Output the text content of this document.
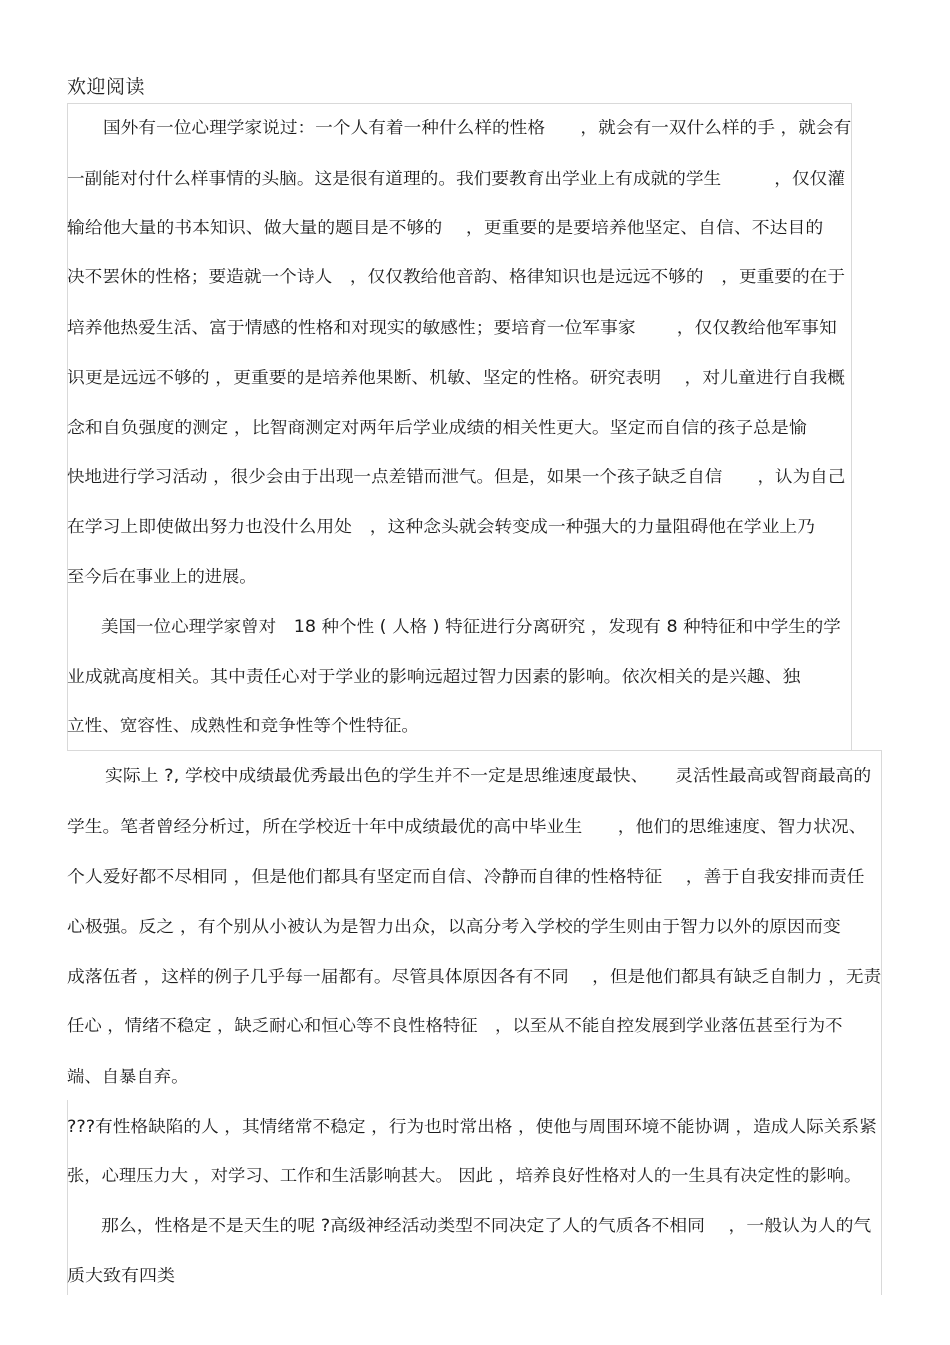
欢迎阅读
国外有一位心理学家说过：一个人有着一种什么样的性格　　，就会有一双什么样的手 ，就会有
一副能对付什么样事情的头脑。这是很有道理的。我们要教育出学业上有成就的学生　　　，仅仅灌
输给他大量的书本知识、做大量的题目是不够的　 ，更重要的是要培养他坚定、自信、不达目的
决不罢休的性格；要造就一个诗人　，仅仅教给他音韵、格律知识也是远远不够的　，更重要的在于
培养他热爱生活、富于情感的性格和对现实的敏感性；要培育一位军事家　　 ，仅仅教给他军事知
识更是远远不够的 ，更重要的是培养他果断、机敏、坚定的性格。研究表明　 ，对儿童进行自我概
念和自负强度的测定 ，比智商测定对两年后学业成绩的相关性更大。坚定而自信的孩子总是愉
快地进行学习活动 ，很少会由于出现一点差错而泄气。但是，如果一个孩子缺乏自信　　，认为自己
在学习上即使做出努力也没什么用处　，这种念头就会转变成一种强大的力量阻碍他在学业上乃
至今后在事业上的进展。
美国一位心理学家曾对　18 种个性 ( 人格 ) 特征进行分离研究 ，发现有 8 种特征和中学生的学
业成就高度相关。其中责任心对于学业的影响远超过智力因素的影响。依次相关的是兴趣、独
立性、宽容性、成熟性和竞争性等个性特征。
实际上 ?, 学校中成绩最优秀最出色的学生并不一定是思维速度最快、　　灵活性最高或智商最高的
学生。笔者曾经分析过，所在学校近十年中成绩最优的高中毕业生　　，他们的思维速度、智力状况、
个人爱好都不尽相同 ，但是他们都具有坚定而自信、冷静而自律的性格特征　 ，善于自我安排而责任
心极强。反之 ，有个别从小被认为是智力出众，以高分考入学校的学生则由于智力以外的原因而变
成落伍者 ，这样的例子几乎每一届都有。尽管具体原因各有不同　 ，但是他们都具有缺乏自制力 ，无责
任心 ，情绪不稳定 ，缺乏耐心和恒心等不良性格特征　，以至从不能自控发展到学业落伍甚至行为不
端、自暴自弃。
???有性格缺陷的人 ，其情绪常不稳定 ，行为也时常出格 ，使他与周围环境不能协调 ，造成人际关系紧
张，心理压力大 ，对学习、工作和生活影响甚大。 因此 ，培养良好性格对人的一生具有决定性的影响。
那么，性格是不是天生的呢 ?高级神经活动类型不同决定了人的气质各不相同　 ，一般认为人的气
质大致有四类
